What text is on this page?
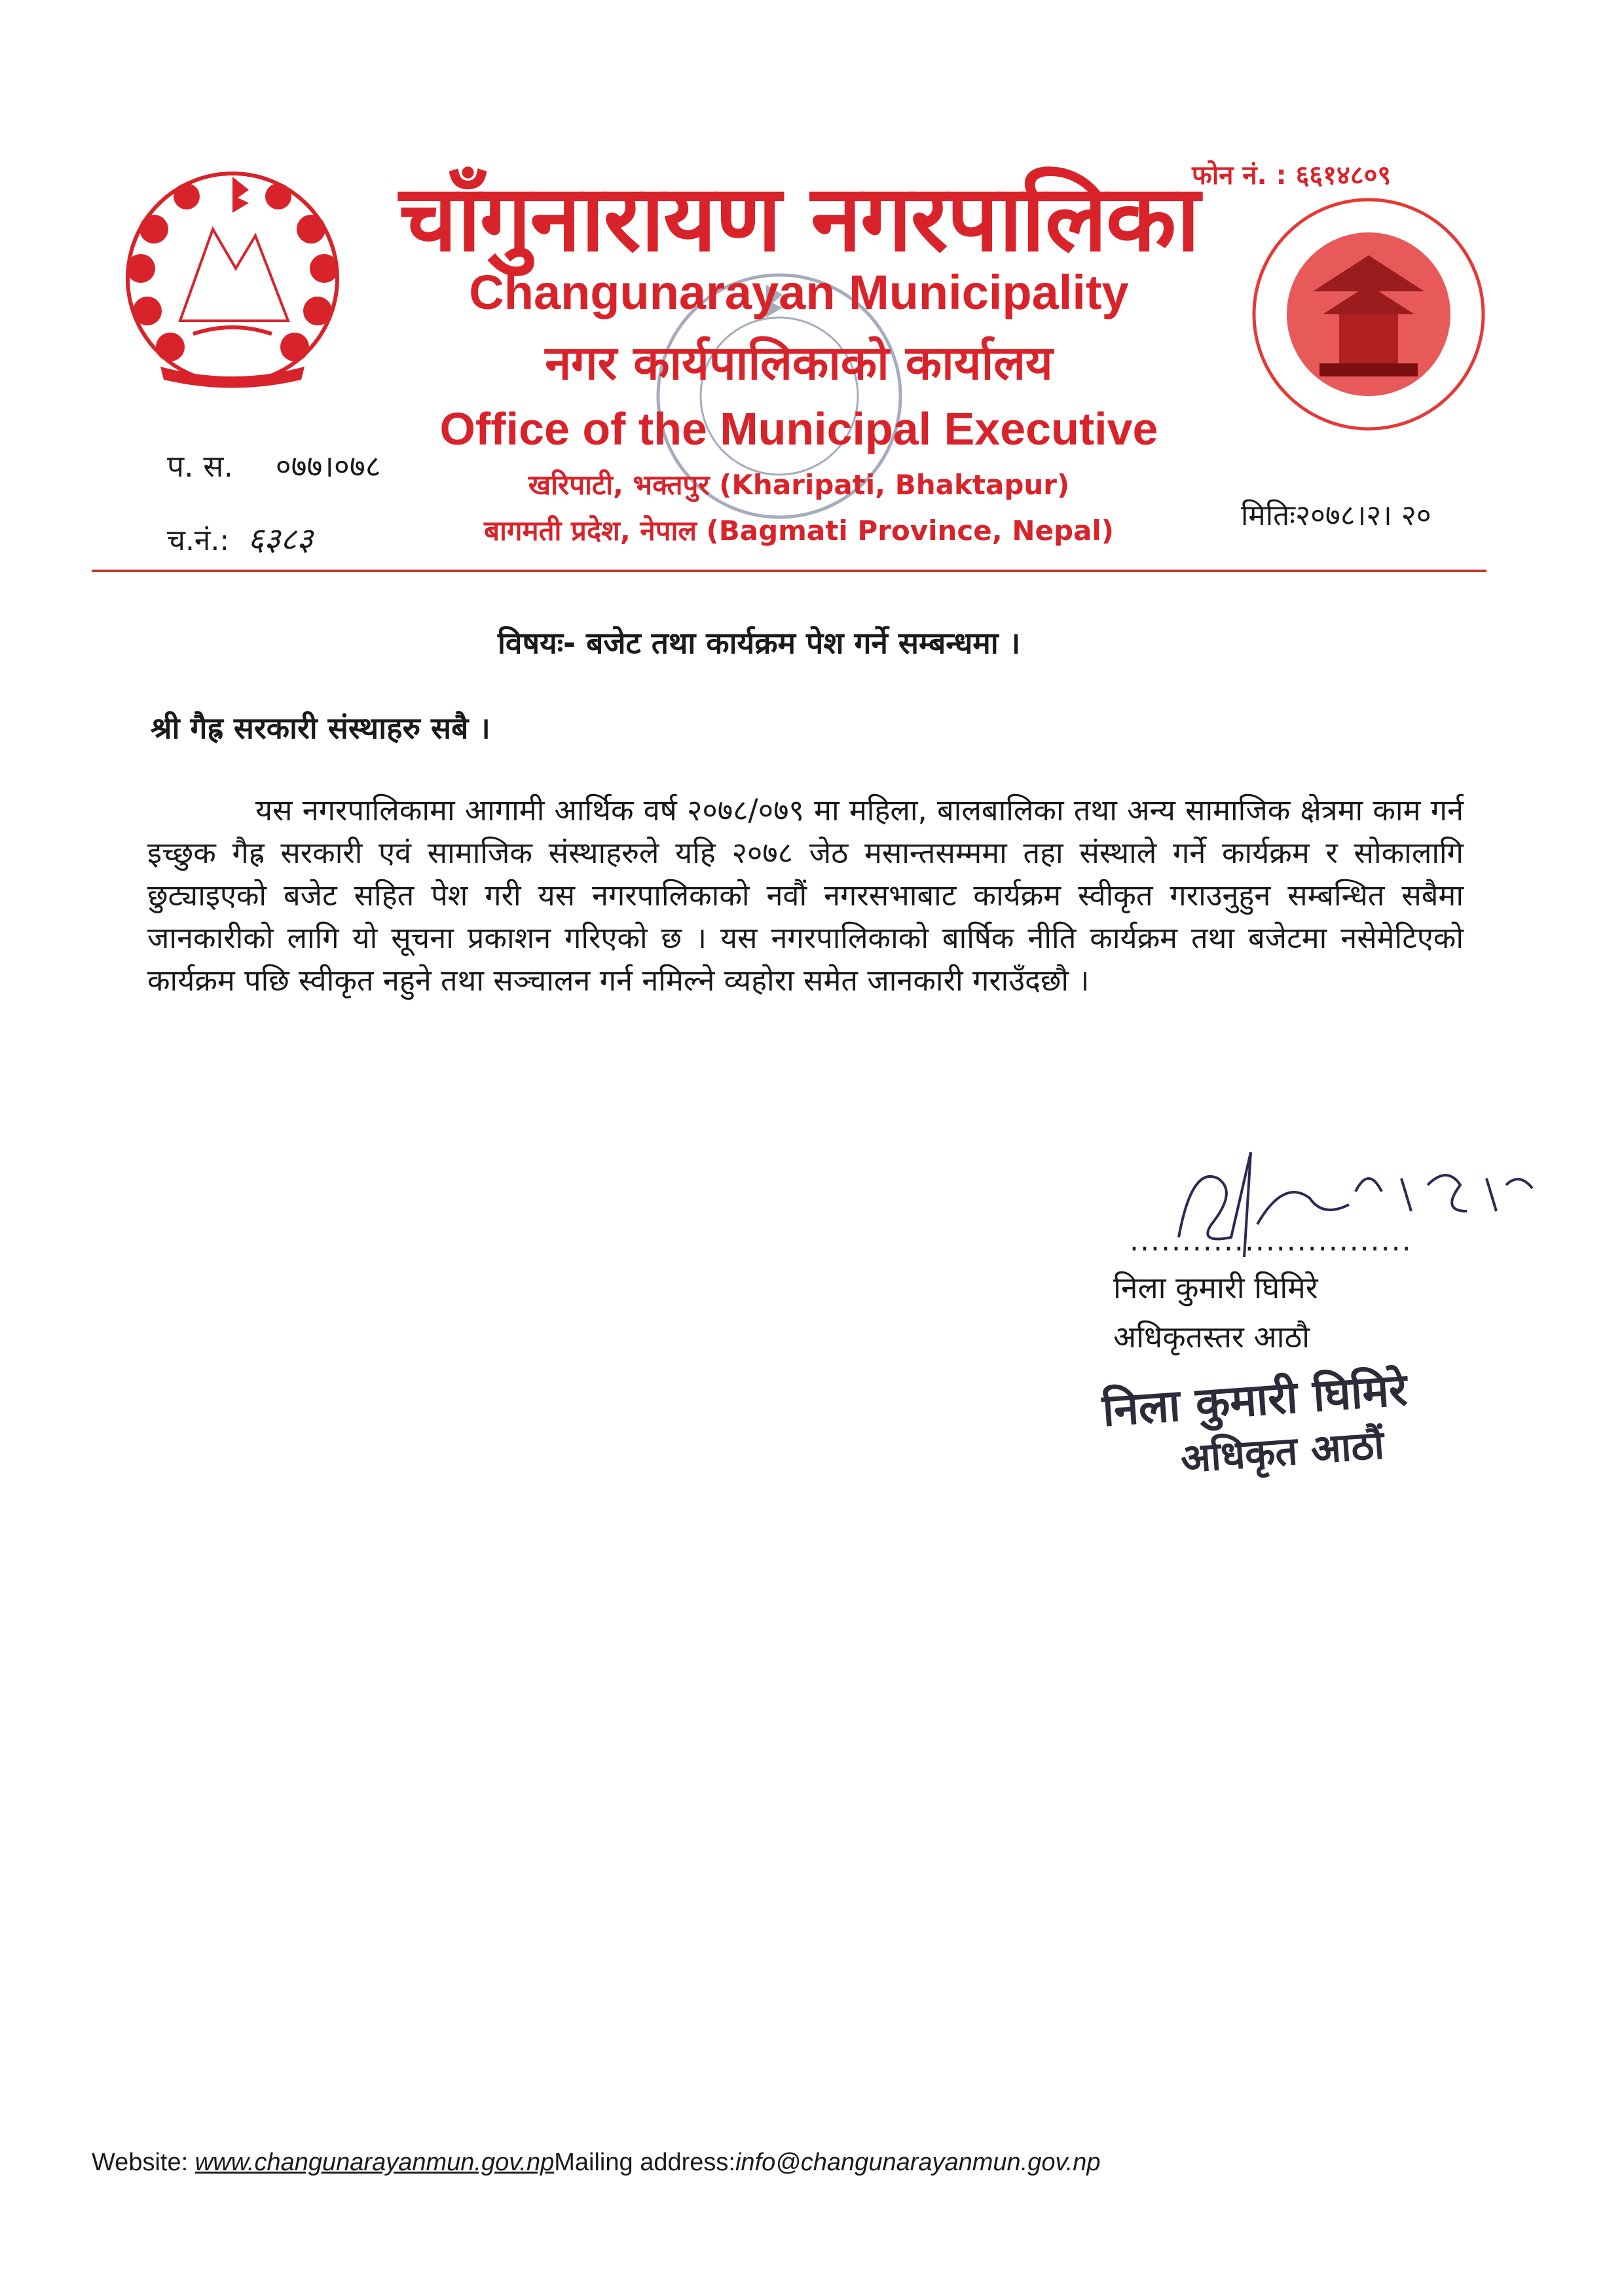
चाँगुनारायण नगरपालिका
Changunarayan Municipality
नगर कार्यपालिकाको कार्यालय
Office of the Municipal Executive
खरिपाटी, भक्तपुर (Kharipati, Bhaktapur)
बागमती प्रदेश, नेपाल (Bagmati Province, Nepal)
फोन नं. : ६६१४८०९
प. स. ०७७।०७८
च.नं.: ६३८३
मितिः२०७८।२। २०
विषयः- बजेट तथा कार्यक्रम पेश गर्ने सम्बन्धमा ।
श्री गैह्र सरकारी संस्थाहरु सबै ।
यस नगरपालिकामा आगामी आर्थिक वर्ष २०७८/०७९ मा महिला, बालबालिका तथा अन्य सामाजिक क्षेत्रमा काम गर्न इच्छुक गैह्र सरकारी एवं सामाजिक संस्थाहरुले यहि २०७८ जेठ मसान्तसम्ममा तहा संस्थाले गर्ने कार्यक्रम र सोकालागि छुट्याइएको बजेट सहित पेश गरी यस नगरपालिकाको नवौं नगरसभाबाट कार्यक्रम स्वीकृत गराउनुहुन सम्बन्धित सबैमा जानकारीको लागि यो सूचना प्रकाशन गरिएको छ । यस नगरपालिकाको बार्षिक नीति कार्यक्रम तथा बजेटमा नसेमेटिएको कार्यक्रम पछि स्वीकृत नहुने तथा सञ्चालन गर्न नमिल्ने व्यहोरा समेत जानकारी गराउँदछौ ।
...........................
निला कुमारी घिमिरे
अधिकृतस्तर आठौ
निला कुमारी घिमिरे
अधिकृत आठौं
Website: www.changunarayanmun.gov.npMailing address:info@changunarayanmun.gov.np
